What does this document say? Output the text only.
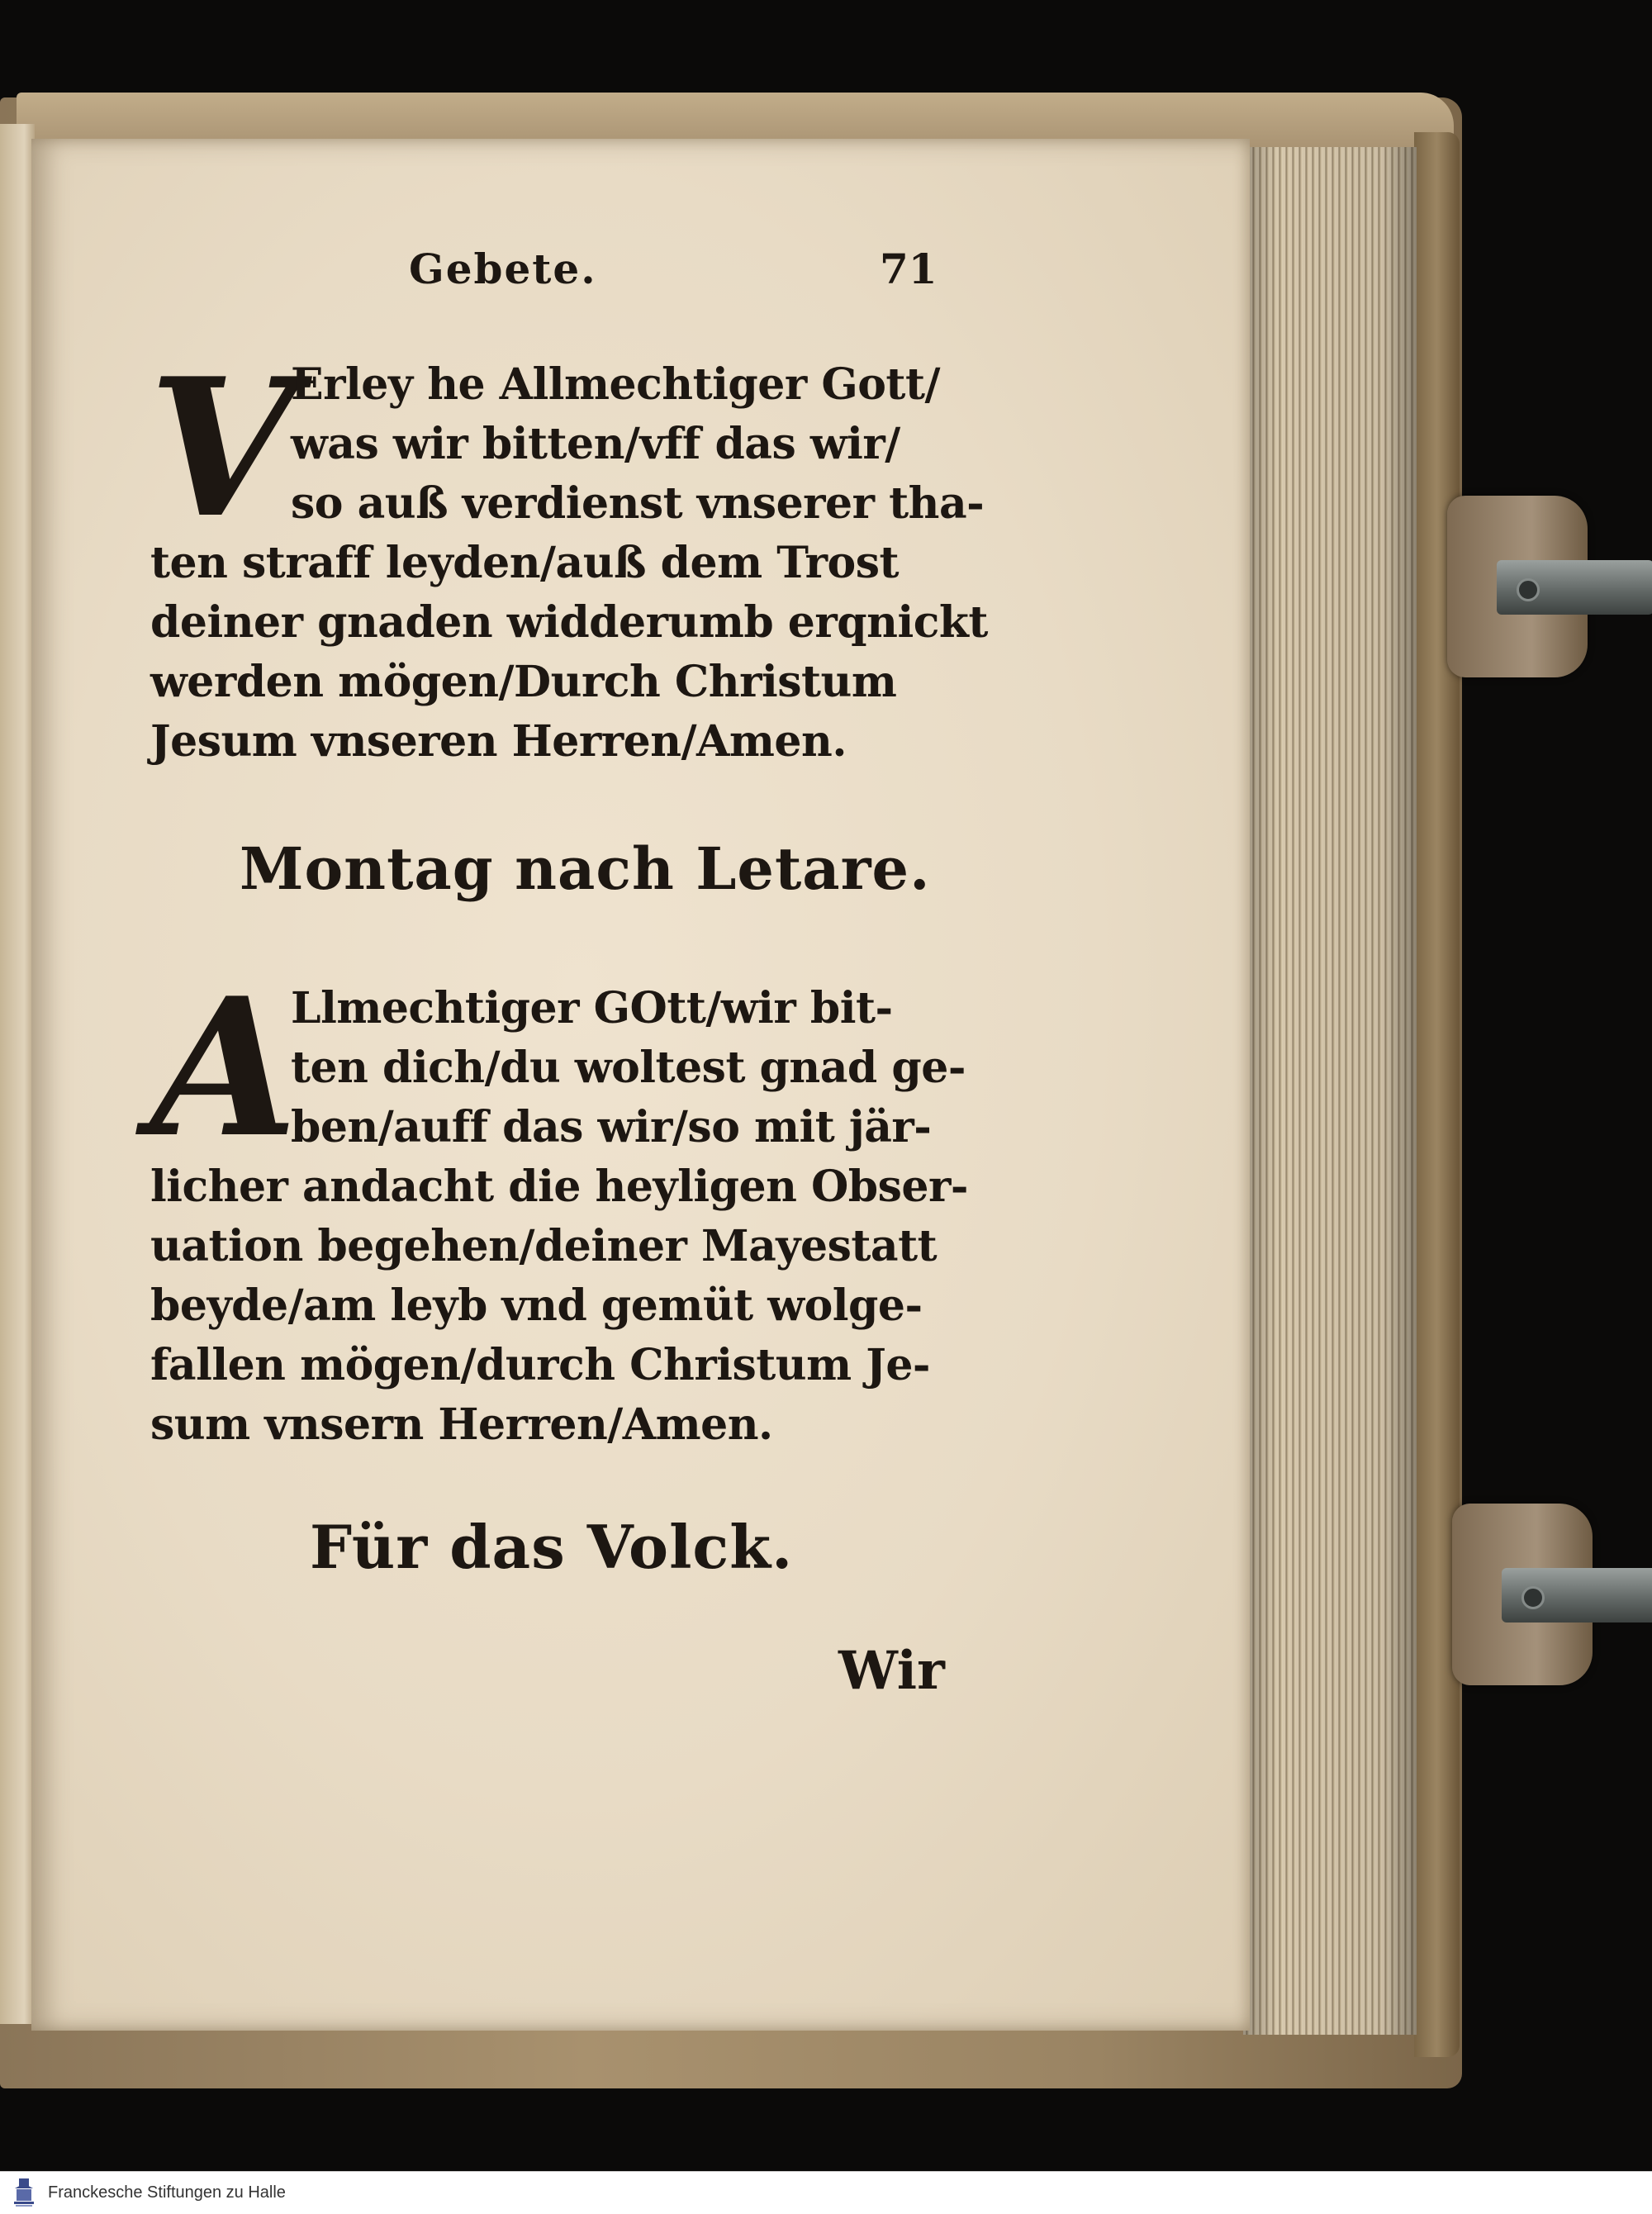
Gebete.	71
V
Erley he Allmechtiger Gott/
was wir bitten/vff das wir/
so auß verdienst vnserer tha-
ten straff leyden/auß dem Trost
deiner gnaden widderumb erqnickt
werden mögen/Durch Christum
Jesum vnseren Herren/Amen.
Montag nach Letare.
A
Llmechtiger GOtt/wir bit-
ten dich/du woltest gnad ge-
ben/auff das wir/so mit jär-
licher andacht die heyligen Obser-
uation begehen/deiner Mayestatt
beyde/am leyb vnd gemüt wolge-
fallen mögen/durch Christum Je-
sum vnsern Herren/Amen.
Für das Volck.
Wir
Franckesche Stiftungen zu Halle
